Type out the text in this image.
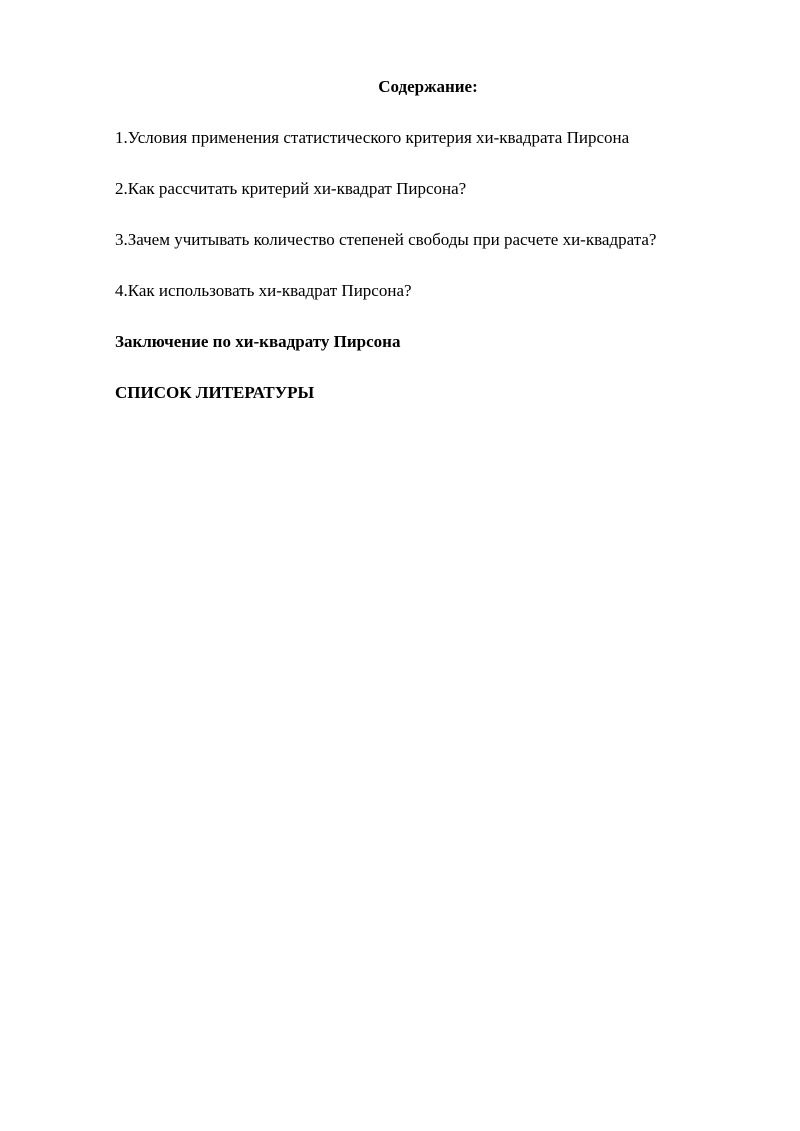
Содержание:
1.Условия применения статистического критерия хи-квадрата Пирсона
2.Как рассчитать критерий хи-квадрат Пирсона?
3.Зачем учитывать количество степеней свободы при расчете хи-квадрата?
4.Как использовать хи-квадрат Пирсона?
Заключение по хи-квадрату Пирсона
СПИСОК ЛИТЕРАТУРЫ
